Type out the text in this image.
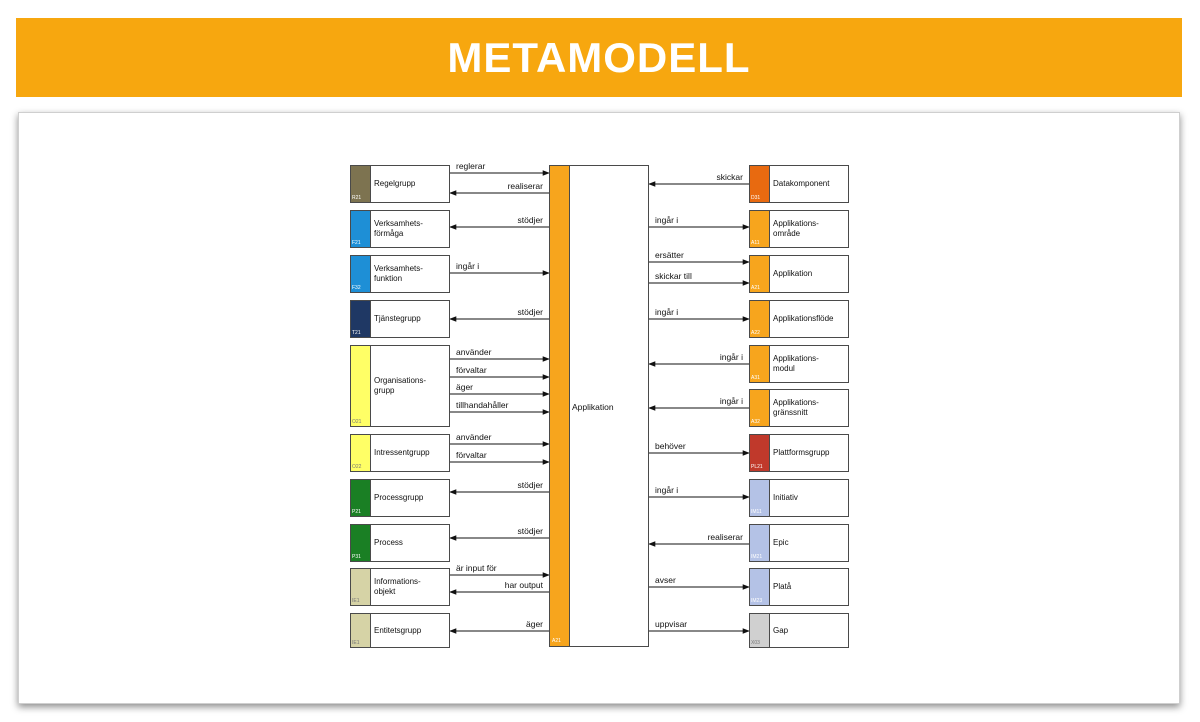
METAMODELL
A21
Applikation
R21
Regelgrupp
reglerar
realiserar
F21
Verksamhets-
förmåga
stödjer
F32
Verksamhets-
funktion
ingår i
T21
Tjänstegrupp
stödjer
O21
Organisations-
grupp
använder
förvaltar
äger
tillhandahåller
O22
Intressentgrupp
använder
förvaltar
P21
Processgrupp
stödjer
P31
Process
stödjer
IE1
Informations-
objekt
är input för
har output
IE1
Entitetsgrupp
äger
D31
Datakomponent
skickar
A11
Applikations-
område
ingår i
A21
Applikation
ersätter
skickar till
A22
Applikationsflöde
ingår i
A31
Applikations-
modul
ingår i
A32
Applikations-
gränssnitt
ingår i
PL21
Plattformsgrupp
behöver
IM11
Initiativ
ingår i
IM21
Epic
realiserar
IM23
Platå
avser
X03
Gap
uppvisar
